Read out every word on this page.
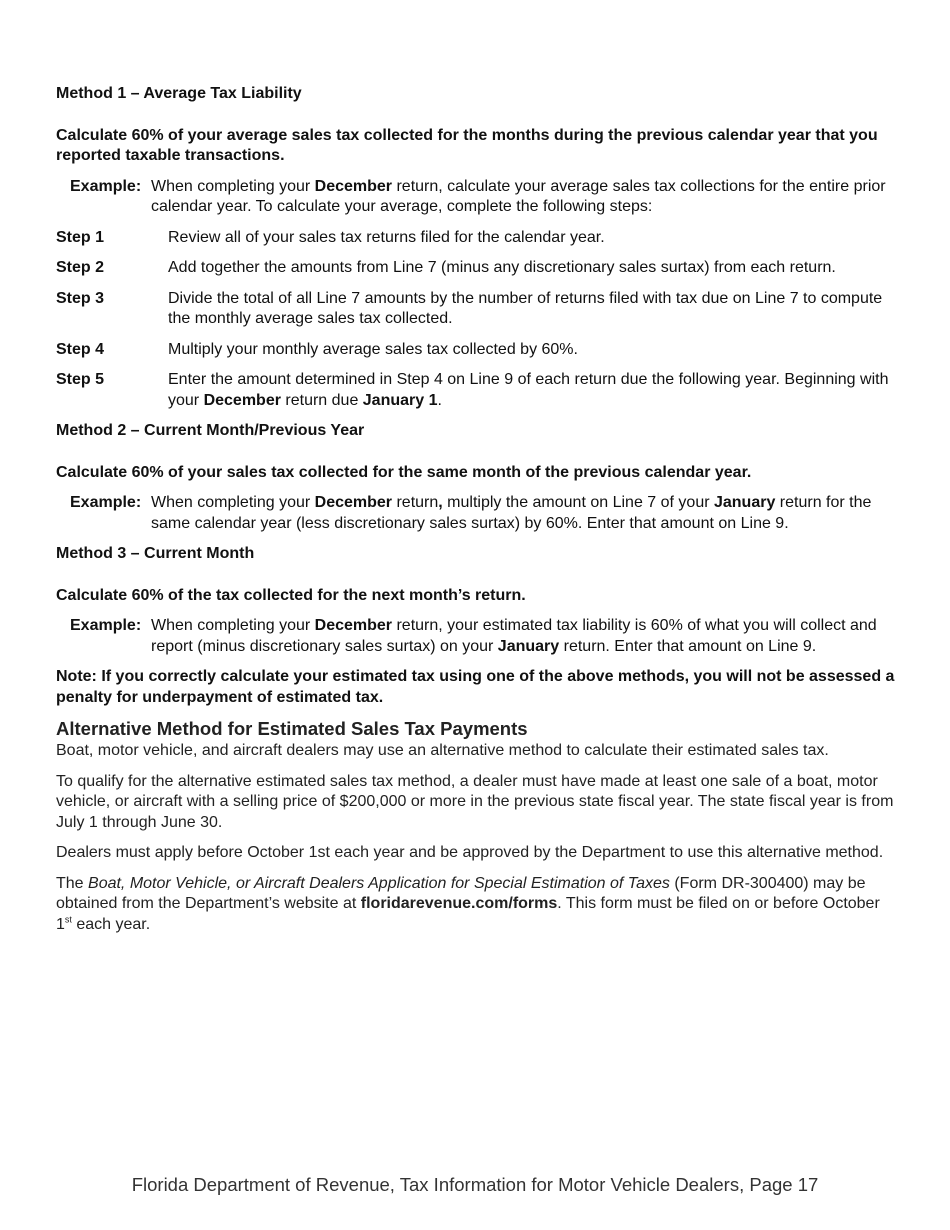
Method 1 – Average Tax Liability
Calculate 60% of your average sales tax collected for the months during the previous calendar year that you reported taxable transactions.
Example: When completing your December return, calculate your average sales tax collections for the entire prior calendar year. To calculate your average, complete the following steps:
Step 1	Review all of your sales tax returns filed for the calendar year.
Step 2	Add together the amounts from Line 7 (minus any discretionary sales surtax) from each return.
Step 3	Divide the total of all Line 7 amounts by the number of returns filed with tax due on Line 7 to compute the monthly average sales tax collected.
Step 4	Multiply your monthly average sales tax collected by 60%.
Step 5	Enter the amount determined in Step 4 on Line 9 of each return due the following year. Beginning with your December return due January 1.
Method 2 – Current Month/Previous Year
Calculate 60% of your sales tax collected for the same month of the previous calendar year.
Example: When completing your December return, multiply the amount on Line 7 of your January return for the same calendar year (less discretionary sales surtax) by 60%. Enter that amount on Line 9.
Method 3 – Current Month
Calculate 60% of the tax collected for the next month’s return.
Example: When completing your December return, your estimated tax liability is 60% of what you will collect and report (minus discretionary sales surtax) on your January return. Enter that amount on Line 9.
Note: If you correctly calculate your estimated tax using one of the above methods, you will not be assessed a penalty for underpayment of estimated tax.
Alternative Method for Estimated Sales Tax Payments
Boat, motor vehicle, and aircraft dealers may use an alternative method to calculate their estimated sales tax.
To qualify for the alternative estimated sales tax method, a dealer must have made at least one sale of a boat, motor vehicle, or aircraft with a selling price of $200,000 or more in the previous state fiscal year. The state fiscal year is from July 1 through June 30.
Dealers must apply before October 1st each year and be approved by the Department to use this alternative method.
The Boat, Motor Vehicle, or Aircraft Dealers Application for Special Estimation of Taxes (Form DR-300400) may be obtained from the Department’s website at floridarevenue.com/forms. This form must be filed on or before October 1st each year.
Florida Department of Revenue, Tax Information for Motor Vehicle Dealers, Page 17
